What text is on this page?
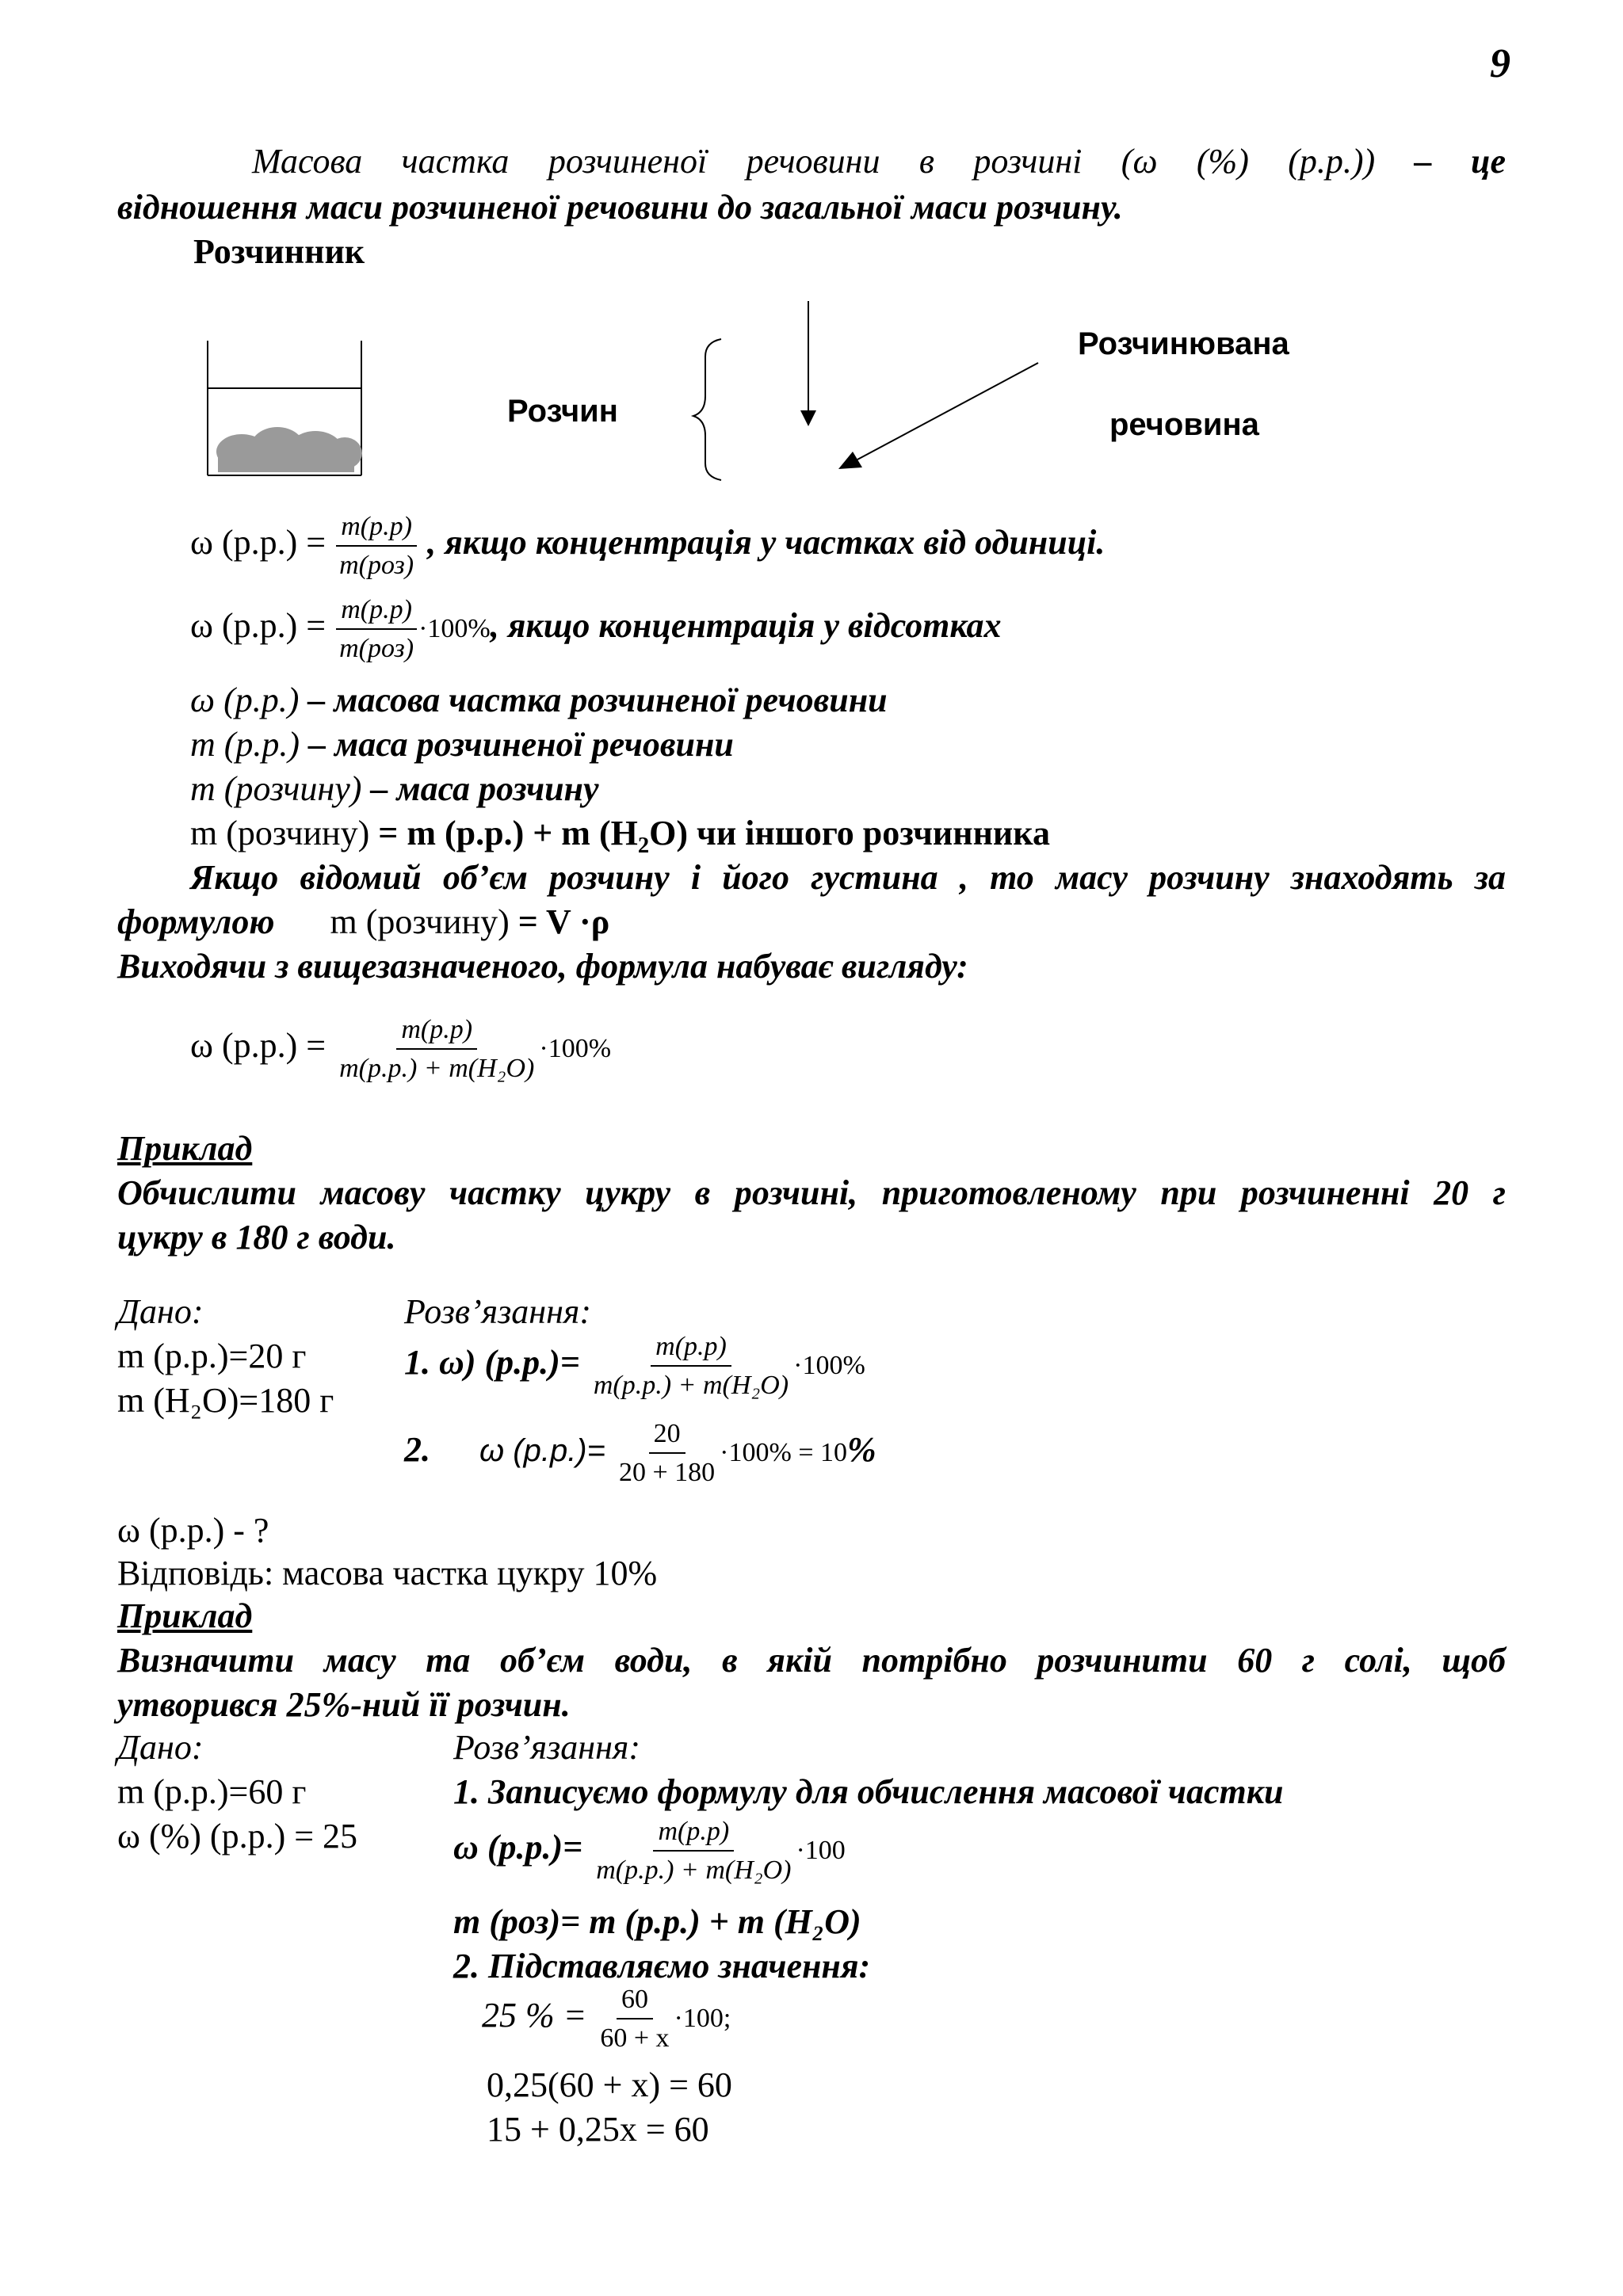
9
Масова частка розчиненої речовини в розчині (ω (%) (р.р.)) – це
відношення маси розчиненої речовини до загальної маси розчину.
Розчинник
Розчин
Розчинювана
речовина
ω $(р.р.) = \frac{m(p.p)}{\text{m(роз)}}$ , якщо концентрація у частках від одиниці.
ω $(р.р.) = \frac{m(p.p)}{\text{m(роз)}} \cdot 100\%$, якщо концентрація у відсотках
ω (р.р.) – масова частка розчиненої речовини
m (р.р.) – маса розчиненої речовини
m (розчину) – маса розчину
m (розчину) = m (р.р.) + m $(H_2O)$ чи іншого розчинника
Якщо відомий об’єм розчину і його густина , то масу розчину знаходять за
формулою m (розчину) = V ·ρ
Виходячи з вищезазначеного, формула набуває вигляду:
ω $(р.р.) = \frac{m(p.p)}{\text{m(p.p.) + m(H₂O)}} \cdot 100\%$
Приклад
Обчислити масову частку цукру в розчині, приготовленому при розчиненні 20 г
цукру в 180 г води.
Дано:
m (р.р.)=20 г
m (H₂O)=180 г
Розв’язання:
1. ω) $(р.р.)= \frac{m(p.p)}{\text{m(p.p.) + m(H₂O)}} \cdot 100\%$
2. ω $(р.р.)= \frac{20}{20 + 180} \cdot 100\% = 10\%$
ω (р.р.) - ?
Відповідь: масова частка цукру 10%
Приклад
Визначити масу та об’єм води, в якій потрібно розчинити 60 г солі, щоб
утворився 25%-ний її розчин.
Дано:
m (р.р.)=60 г
ω (%) (р.р.) = 25
Розв’язання:
1. Записуємо формулу для обчислення масової частки
ω $(р.р.)= \frac{m(p.p)}{\text{m(p.p.) + m(H₂O)}} \cdot 100$
m (роз)= m (р.р.) + m (H₂O)
2. Підставляємо значення:
25 % = $\frac{60}{60 + x} \cdot 100$;
0,25(60 + х) = 60
15 + 0,25х = 60
